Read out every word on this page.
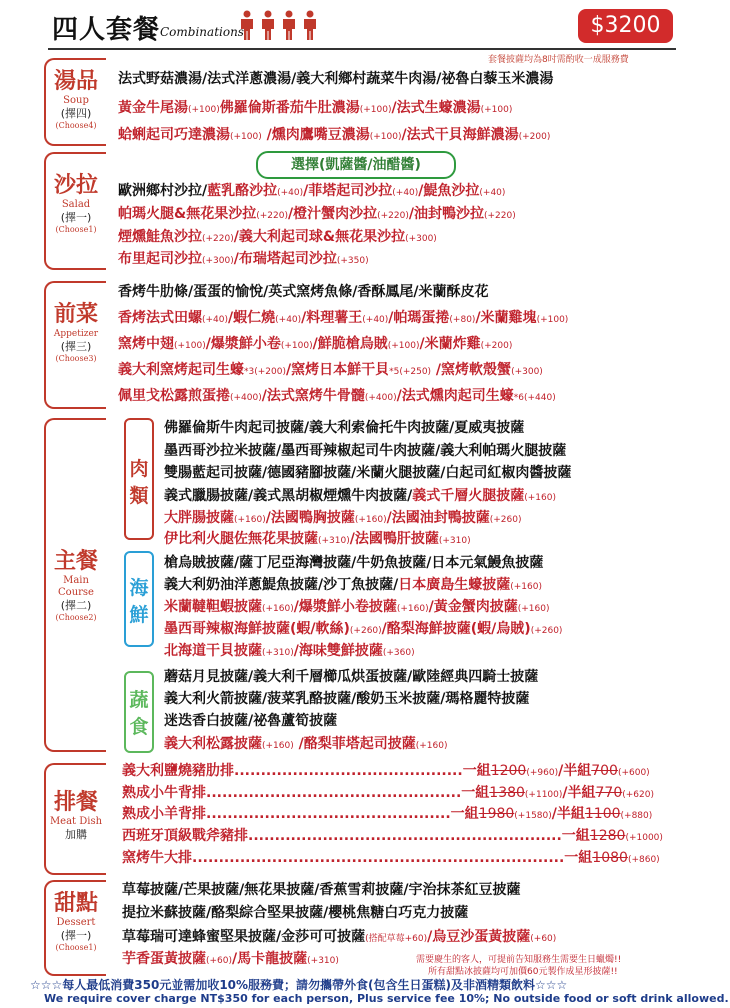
四人套餐 Combinations	$3200
套餐披薩均為8吋需酌收一成服務費
湯品
Soup
(擇四)
(Choose4)
法式野菇濃湯/法式洋蔥濃湯/義大利鄉村蔬菜牛肉湯/祕魯白藜玉米濃湯
黃金牛尾湯(+100)佛羅倫斯番茄牛肚濃湯(+100)/法式生蠔濃湯(+100)
蛤蜊起司巧達濃湯(+100) /燻肉鷹嘴豆濃湯(+100)/法式干貝海鮮濃湯(+200)
選擇(凱薩醬/油醋醬)
沙拉
Salad
(擇一)
(Choose1)
歐洲鄉村沙拉/藍乳酪沙拉(+40)/菲塔起司沙拉(+40)/鯷魚沙拉(+40)
帕瑪火腿&無花果沙拉(+220)/橙汁蟹肉沙拉(+220)/油封鴨沙拉(+220)
煙燻鮭魚沙拉(+220)/義大利起司球&無花果沙拉(+300)
布里起司沙拉(+300)/布瑞塔起司沙拉(+350)
前菜
Appetizer
(擇三)
(Choose3)
香烤牛肋條/蛋蛋的愉悅/英式窯烤魚條/香酥鳳尾/米蘭酥皮花
香烤法式田螺(+40)/蝦仁燒(+40)/料理薯王(+40)/帕瑪蛋捲(+80)/米蘭雞塊(+100)
窯烤中翅(+100)/爆漿鮮小卷(+100)/鮮脆槍烏賊(+100)/米蘭炸雞(+200)
義大利窯烤起司生蠔*3(+200)/窯烤日本鮮干貝*5(+250) /窯烤軟殼蟹(+300)
佩里戈松露煎蛋捲(+400)/法式窯烤牛骨髓(+400)/法式燻肉起司生蠔*6(+440)
主餐
Main
Course
(擇二)
(Choose2)
肉
類
佛羅倫斯牛肉起司披薩/義大利索倫托牛肉披薩/夏威夷披薩
墨西哥沙拉米披薩/墨西哥辣椒起司牛肉披薩/義大利帕瑪火腿披薩
雙腸藍起司披薩/德國豬腳披薩/米蘭火腿披薩/白起司紅椒肉醬披薩
義式臘腸披薩/義式黑胡椒煙燻牛肉披薩/義式千層火腿披薩(+160)
大胖腸披薩(+160)/法國鴨胸披薩(+160)/法國油封鴨披薩(+260)
伊比利火腿佐無花果披薩(+310)/法國鴨肝披薩(+310)
海
鮮
槍烏賊披薩/薩丁尼亞海灣披薩/牛奶魚披薩/日本元氣鰻魚披薩
義大利奶油洋蔥鯷魚披薩/沙丁魚披薩/日本廣島生蠔披薩(+160)
米蘭韃靼蝦披薩(+160)/爆漿鮮小卷披薩(+160)/黃金蟹肉披薩(+160)
墨西哥辣椒海鮮披薩(蝦/軟絲)(+260)/酪梨海鮮披薩(蝦/烏賊)(+260)
北海道干貝披薩(+310)/海味雙鮮披薩(+360)
蔬
食
蘑菇月見披薩/義大利千層櫛瓜烘蛋披薩/歐陸經典四騎士披薩
義大利火箭披薩/菠菜乳酪披薩/酸奶玉米披薩/瑪格麗特披薩
迷迭香白披薩/祕魯蘆筍披薩
義大利松露披薩(+160) /酪梨菲塔起司披薩(+160)
排餐
Meat Dish
加購
義大利鹽燒豬肋排...........................................一組1200(+960)/半組700(+600)
熟成小牛背排................................................一組1380(+1100)/半組770(+620)
熟成小羊背排..............................................一組1980(+1580)/半組1100(+880)
西班牙頂級戰斧豬排...........................................................一組1280(+1000)
窯烤牛大排......................................................................一組1080(+860)
甜點
Dessert
(擇一)
(Choose1)
草莓披薩/芒果披薩/無花果披薩/香蕉雪莉披薩/宇治抹茶紅豆披薩
提拉米蘇披薩/酪梨綜合堅果披薩/櫻桃焦糖白巧克力披薩
草莓瑞可達蜂蜜堅果披薩/金莎可可披薩(搭配草莓+60)/烏豆沙蛋黃披薩(+60)
芋香蛋黃披薩(+60)/馬卡龍披薩(+310)	需要慶生的客人，可提前告知服務生需要生日蠟燭!!
所有甜點冰披薩均可加價60元製作成星形披薩!!
☆☆☆每人最低消費350元並需加收10%服務費；請勿攜帶外食(包含生日蛋糕)及非酒精類飲料☆☆☆
We require cover charge NT$350 for each person, Plus service fee 10%; No outside food or soft drink allowed.
